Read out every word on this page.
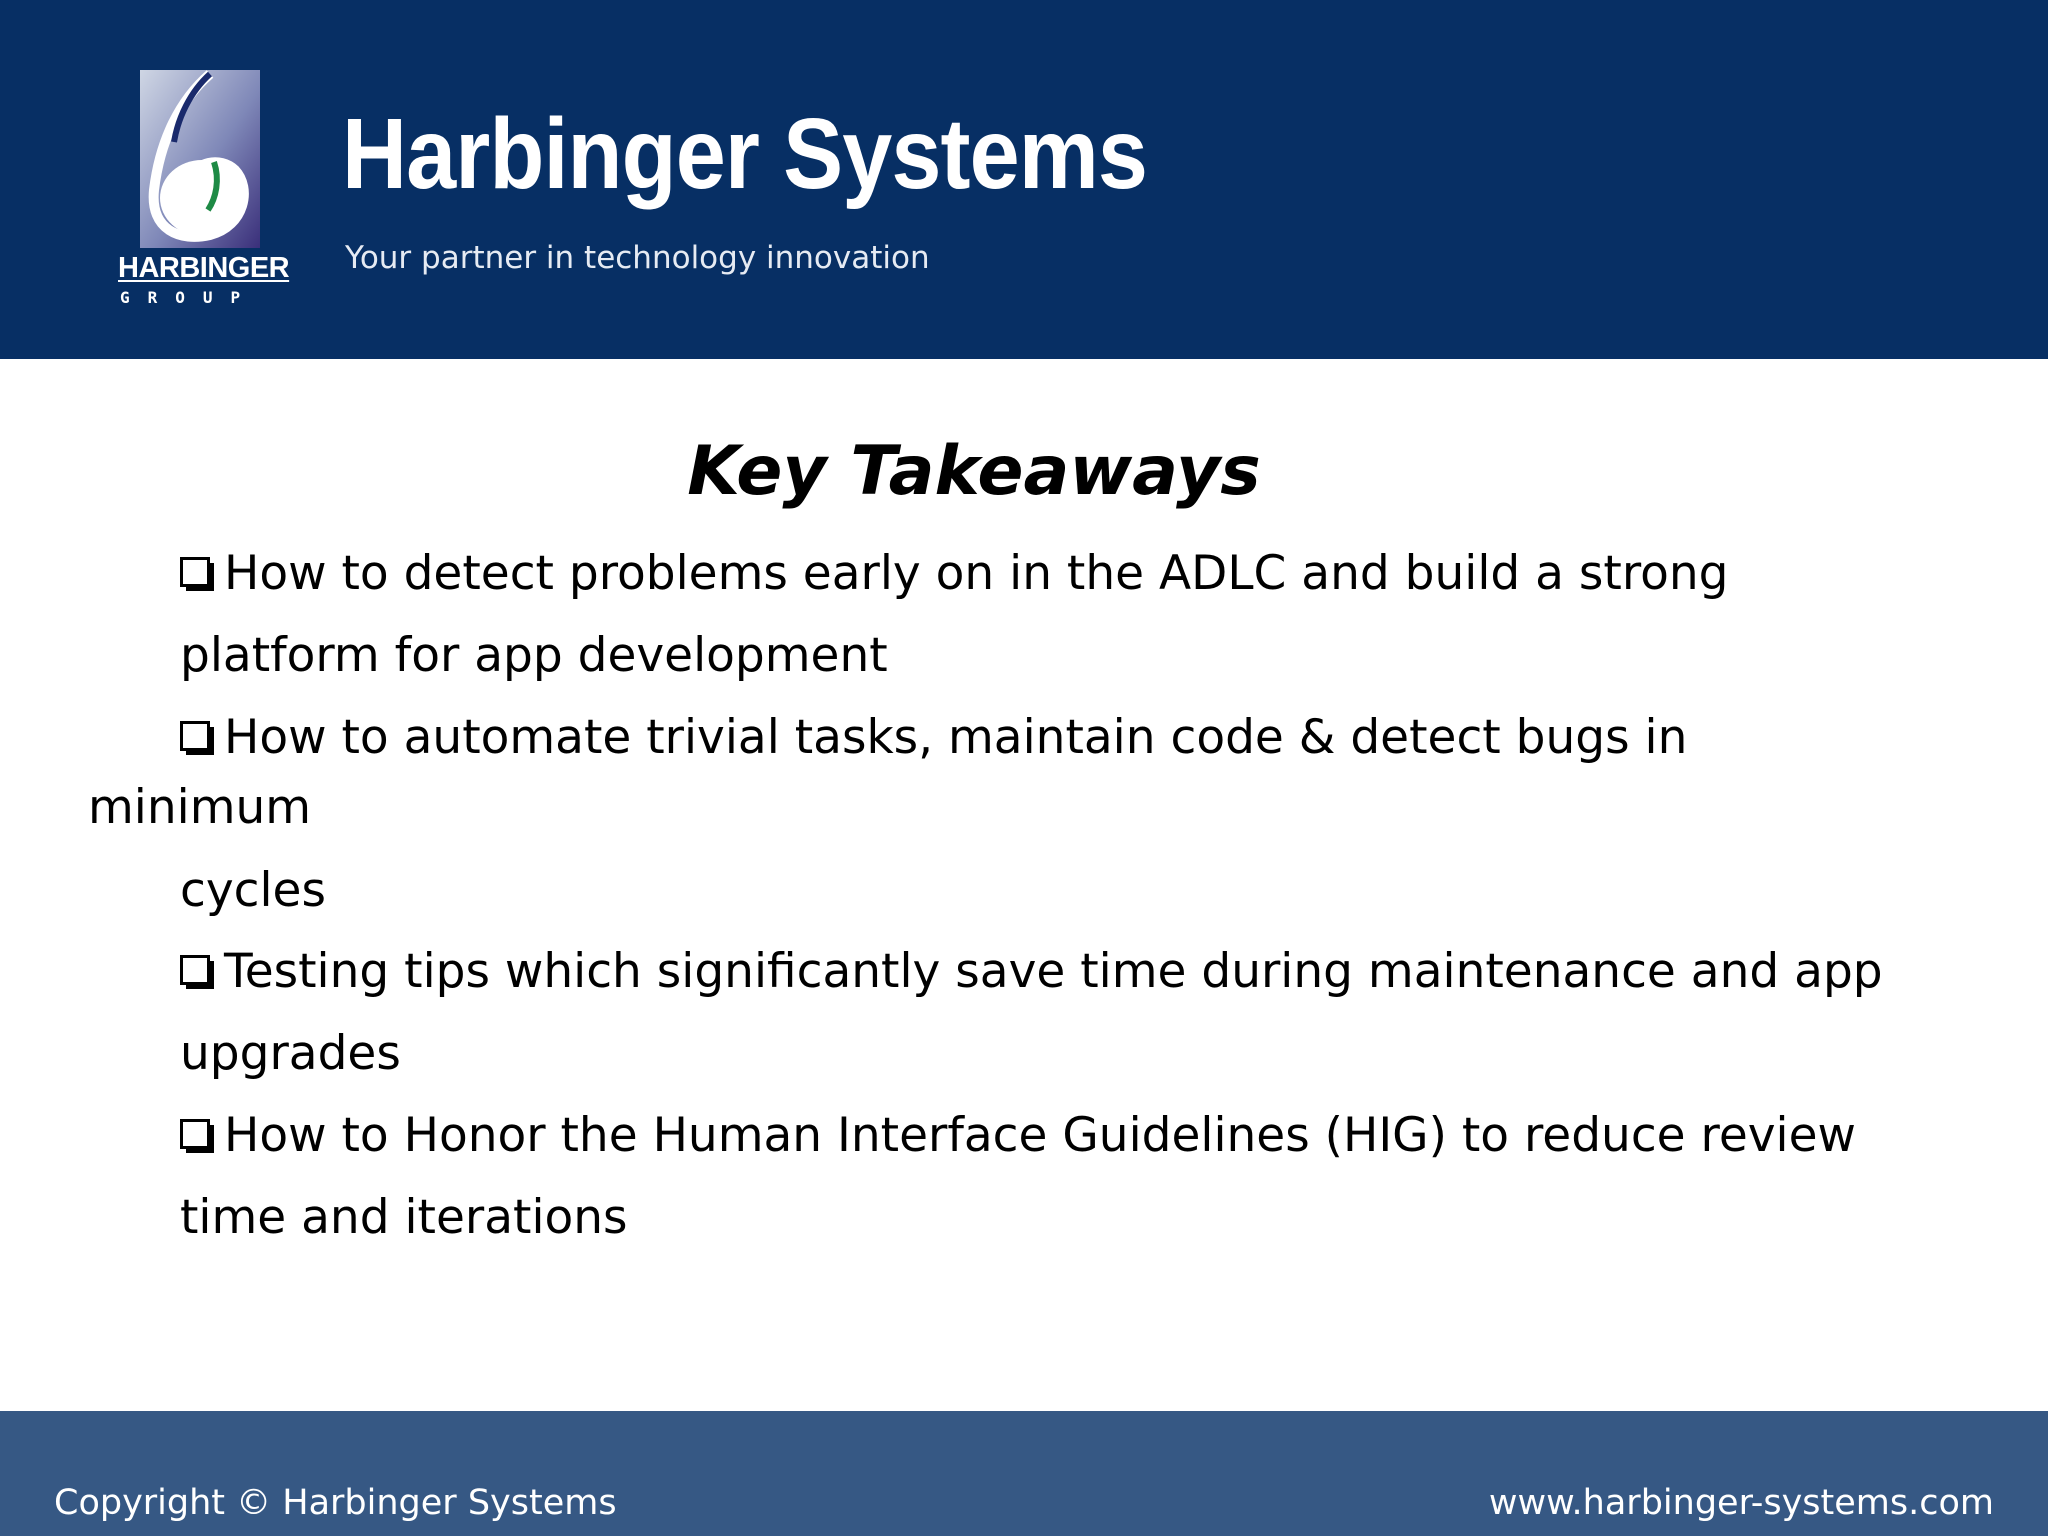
HARBINGER
GROUP
Harbinger Systems
Your partner in technology innovation
Key Takeaways
How to detect problems early on in the ADLC and build a strong
platform for app development
How to automate trivial tasks, maintain code & detect bugs in
minimum
cycles
Testing tips which significantly save time during maintenance and app
upgrades
How to Honor the Human Interface Guidelines (HIG) to reduce review
time and iterations
Copyright © Harbinger Systems	www.harbinger-systems.com
